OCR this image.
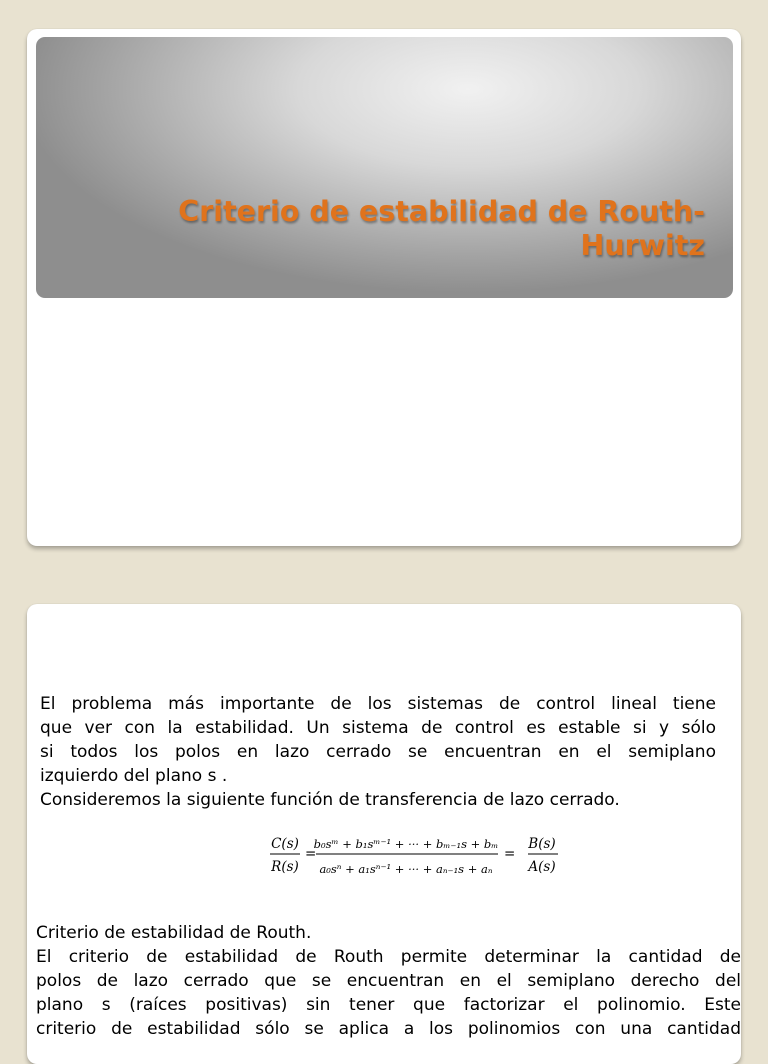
Criterio de estabilidad de Routh-
Hurwitz

El problema más importante de los sistemas de control lineal tiene
que ver con la estabilidad. Un sistema de control es estable si y sólo
si todos los polos en lazo cerrado se encuentran en el semiplano
izquierdo del plano s .
Consideremos la siguiente función de transferencia de lazo cerrado.

C(s)
R(s)
=
b₀sᵐ + b₁sᵐ⁻¹ + ··· + bₘ₋₁s + bₘ
a₀sⁿ + a₁sⁿ⁻¹ + ··· + aₙ₋₁s + aₙ
=
B(s)
A(s)

Criterio de estabilidad de Routh.
El criterio de estabilidad de Routh permite determinar la cantidad de
polos de lazo cerrado que se encuentran en el semiplano derecho del
plano s (raíces positivas) sin tener que factorizar el polinomio. Este
criterio de estabilidad sólo se aplica a los polinomios con una cantidad
